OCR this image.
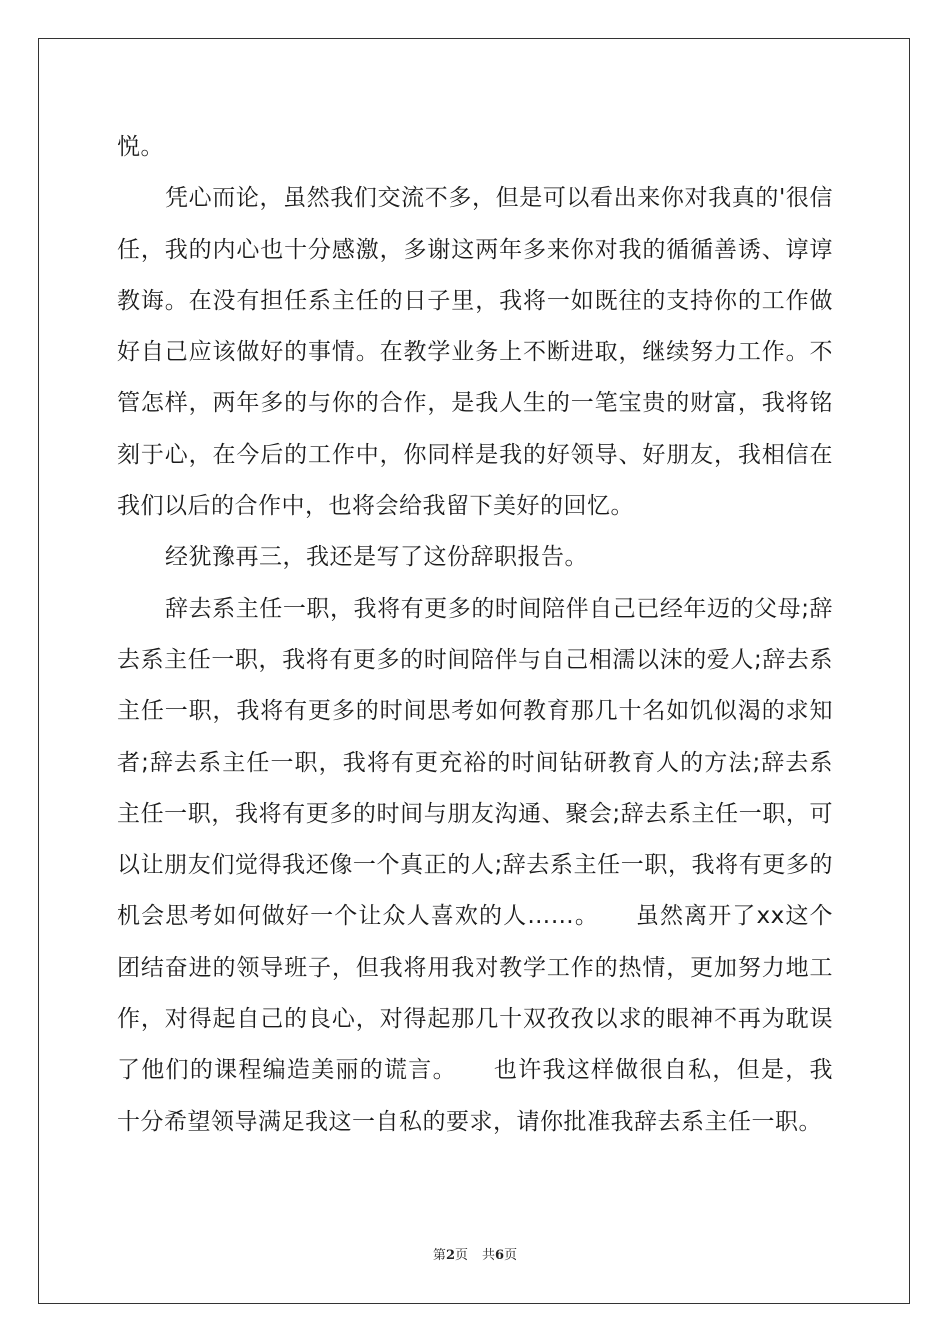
悦。

凭心而论，虽然我们交流不多，但是可以看出来你对我真的'很信任，我的内心也十分感激，多谢这两年多来你对我的循循善诱、谆谆教诲。在没有担任系主任的日子里，我将一如既往的支持你的工作做好自己应该做好的事情。在教学业务上不断进取，继续努力工作。不管怎样，两年多的与你的合作，是我人生的一笔宝贵的财富，我将铭刻于心，在今后的工作中，你同样是我的好领导、好朋友，我相信在我们以后的合作中，也将会给我留下美好的回忆。

经犹豫再三，我还是写了这份辞职报告。

辞去系主任一职，我将有更多的时间陪伴自己已经年迈的父母;辞去系主任一职，我将有更多的时间陪伴与自己相濡以沫的爱人;辞去系主任一职，我将有更多的时间思考如何教育那几十名如饥似渴的求知者;辞去系主任一职，我将有更充裕的时间钻研教育人的方法;辞去系主任一职，我将有更多的时间与朋友沟通、聚会;辞去系主任一职，可以让朋友们觉得我还像一个真正的人;辞去系主任一职，我将有更多的机会思考如何做好一个让众人喜欢的人……。　　虽然离开了xx这个团结奋进的领导班子，但我将用我对教学工作的热情，更加努力地工作，对得起自己的良心，对得起那几十双孜孜以求的眼神不再为耽误了他们的课程编造美丽的谎言。　　也许我这样做很自私，但是，我十分希望领导满足我这一自私的要求，请你批准我辞去系主任一职。

第2页 共6页
